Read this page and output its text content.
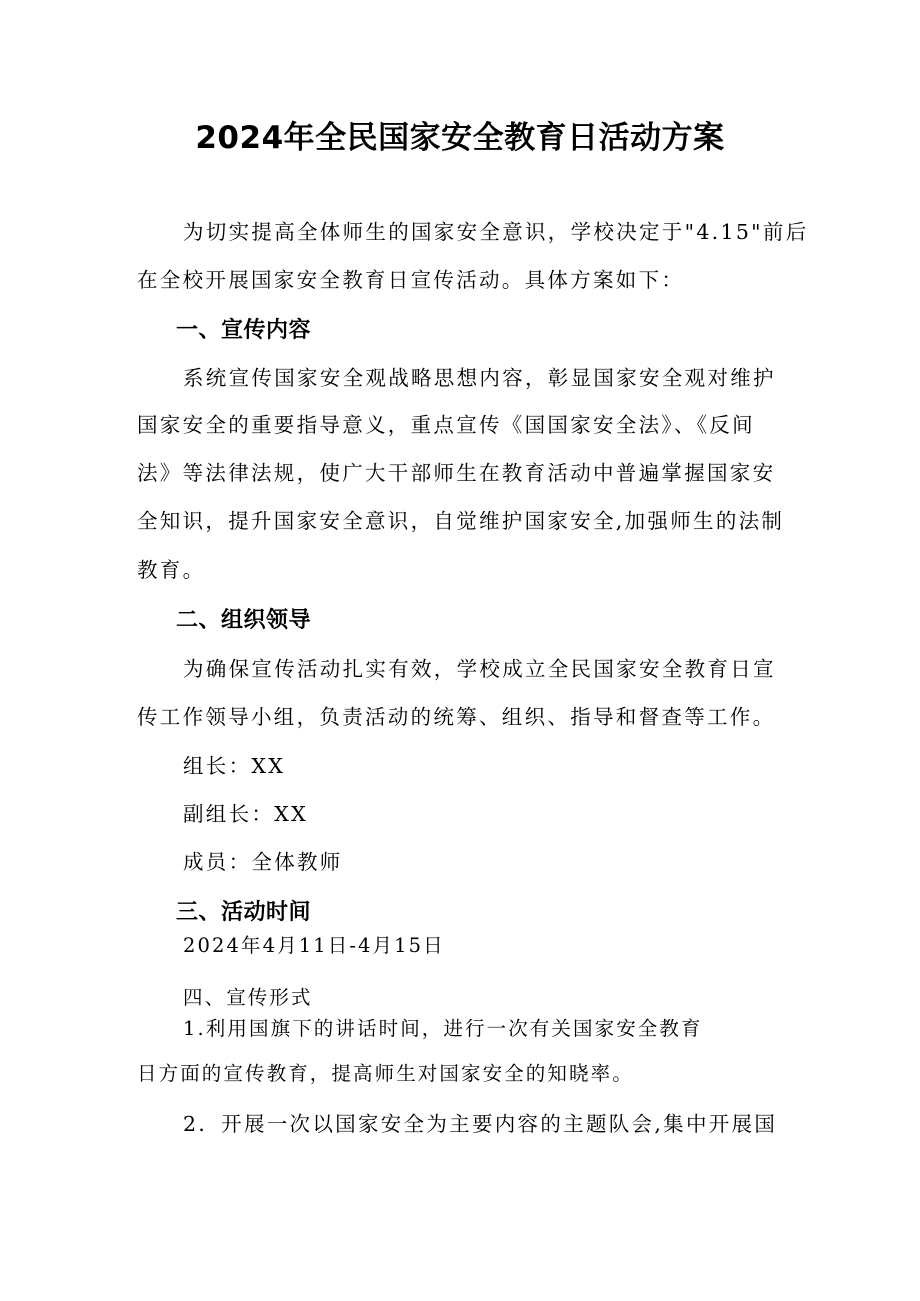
2024年全民国家安全教育日活动方案

为切实提高全体师生的国家安全意识，学校决定于"4.15"前后

在全校开展国家安全教育日宣传活动。具体方案如下：

一、宣传内容

系统宣传国家安全观战略思想内容，彰显国家安全观对维护

国家安全的重要指导意义，重点宣传《国国家安全法》、《反间

法》等法律法规，使广大干部师生在教育活动中普遍掌握国家安

全知识，提升国家安全意识，自觉维护国家安全,加强师生的法制

教育。

二、组织领导

为确保宣传活动扎实有效，学校成立全民国家安全教育日宣

传工作领导小组，负责活动的统筹、组织、指导和督查等工作。

组长：XX

副组长：XX

成员：全体教师

三、活动时间

2024年4月11日-4月15日

四、宣传形式

1.利用国旗下的讲话时间，进行一次有关国家安全教育

日方面的宣传教育，提高师生对国家安全的知晓率。

2．开展一次以国家安全为主要内容的主题队会,集中开展国
